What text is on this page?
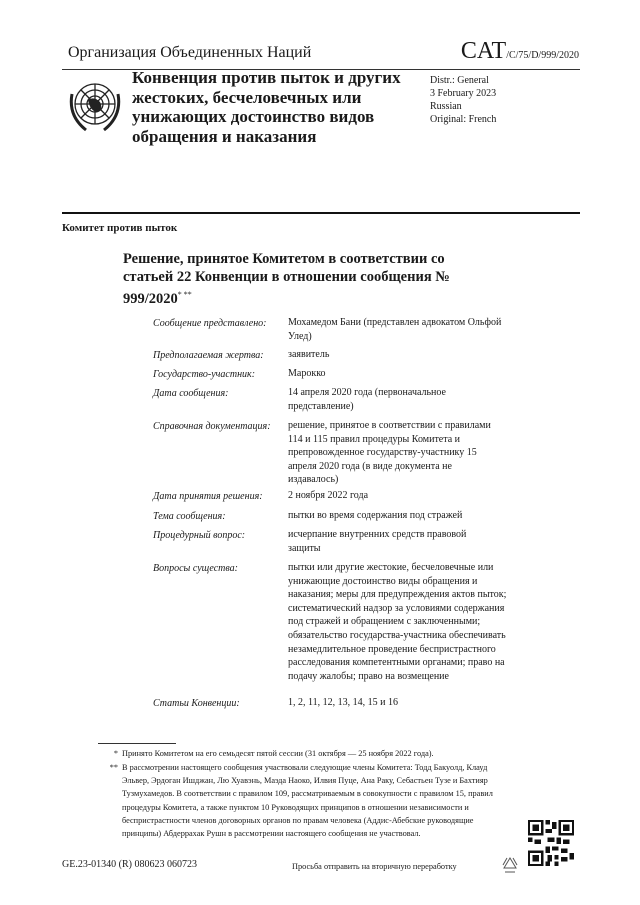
Организация Объединенных Наций	CAT/C/75/D/999/2020
Конвенция против пыток и других жестоких, бесчеловечных или унижающих достоинство видов обращения и наказания
Distr.: General
3 February 2023
Russian
Original: French
Комитет против пыток
Решение, принятое Комитетом в соответствии со статьей 22 Конвенции в отношении сообщения № 999/2020* **
Сообщение представлено:	Мохамедом Бани (представлен адвокатом Ольфой Улед)
Предполагаемая жертва:	заявитель
Государство-участник:	Марокко
Дата сообщения:	14 апреля 2020 года (первоначальное представление)
Справочная документация:	решение, принятое в соответствии с правилами 114 и 115 правил процедуры Комитета и препровожденное государству-участнику 15 апреля 2020 года (в виде документа не издавалось)
Дата принятия решения:	2 ноября 2022 года
Тема сообщения:	пытки во время содержания под стражей
Процедурный вопрос:	исчерпание внутренних средств правовой защиты
Вопросы существа:	пытки или другие жестокие, бесчеловечные или унижающие достоинство виды обращения и наказания; меры для предупреждения актов пыток; систематический надзор за условиями содержания под стражей и обращением с заключенными; обязательство государства-участника обеспечивать незамедлительное проведение беспристрастного расследования компетентными органами; право на подачу жалобы; право на возмещение
Статьи Конвенции:	1, 2, 11, 12, 13, 14, 15 и 16
* Принято Комитетом на его семьдесят пятой сессии (31 октября — 25 ноября 2022 года).
** В рассмотрении настоящего сообщения участвовали следующие члены Комитета: Тодд Бакуолд, Клауд Эльвер, Эрдоган Ишджан, Лю Хуавэнь, Маэда Наоко, Илвия Пуце, Ана Раку, Себастьен Тузе и Бахтияр Тузмухамедов. В соответствии с правилом 109, рассматриваемым в совокупности с правилом 15, правил процедуры Комитета, а также пунктом 10 Руководящих принципов в отношении независимости и беспристрастности членов договорных органов по правам человека (Аддис-Абебские руководящие принципы) Абдеррахак Рушн в рассмотрении настоящего сообщения не участвовал.
GE.23-01340 (R) 080623 060723	Просьба отправить на вторичную переработку
